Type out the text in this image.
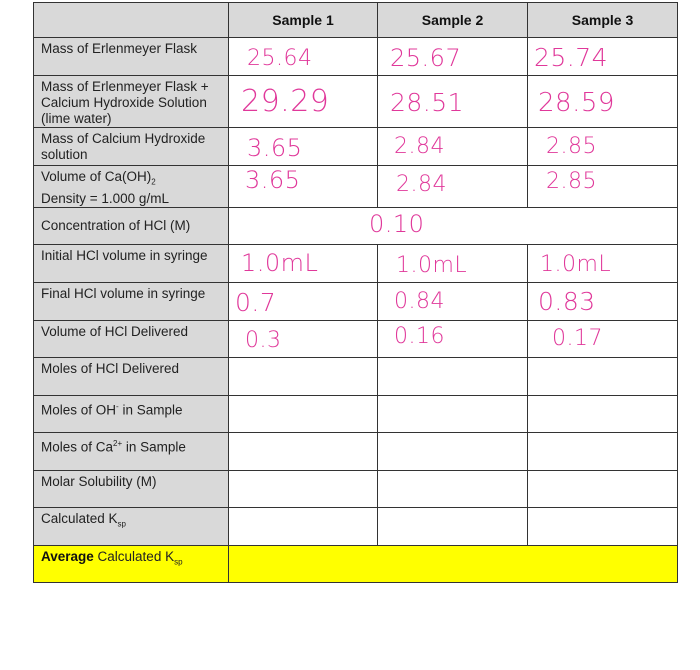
	Sample 1	Sample 2	Sample 3
Mass of Erlenmeyer Flask	25.64	25.67	25.74

Mass of Erlenmeyer Flask + Calcium Hydroxide Solution (lime water)	29.29	28.51	28.59

Mass of Calcium Hydroxide solution	3.65	2.84	2.85

Volume of $Ca(OH)_2$
Density = 1.000 g/mL	3.65	2.84	2.85

Concentration of HCl (M)	0.10		

Initial HCl volume in syringe	1.0mL	1.0mL	1.0mL

Final HCl volume in syringe	0.7	0.84	0.83

Volume of HCl Delivered	0.3	0.16	0.17

Moles of HCl Delivered			
Moles of OH- in Sample			
Moles of $Ca^{2+}$ in Sample			
Molar Solubility (M)			
Calculated $K_{sp}$			
Average Calculated $K_{sp}$	
